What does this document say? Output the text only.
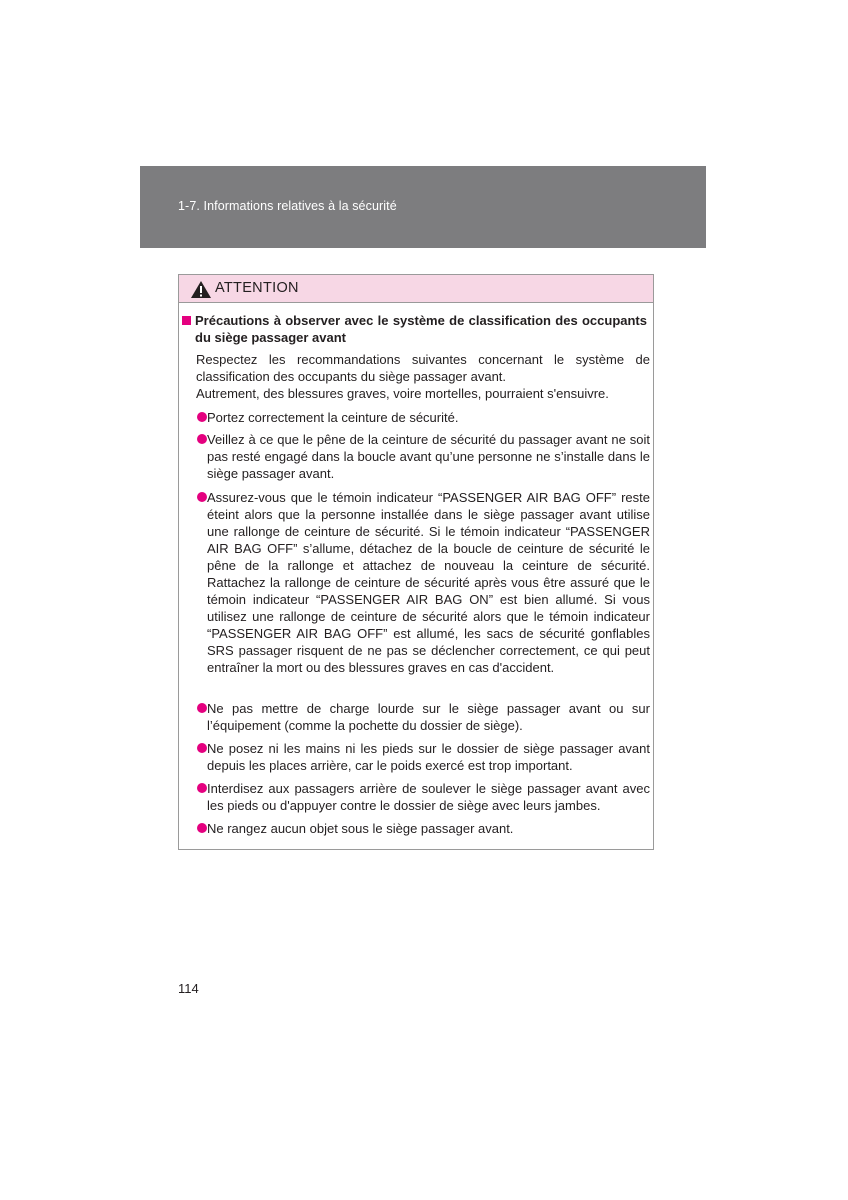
1-7. Informations relatives à la sécurité
ATTENTION
Précautions à observer avec le système de classification des occupants du siège passager avant
Respectez les recommandations suivantes concernant le système de classification des occupants du siège passager avant.
Autrement, des blessures graves, voire mortelles, pourraient s'ensuivre.
Portez correctement la ceinture de sécurité.
Veillez à ce que le pêne de la ceinture de sécurité du passager avant ne soit pas resté engagé dans la boucle avant qu’une personne ne s’installe dans le siège passager avant.
Assurez-vous que le témoin indicateur “PASSENGER AIR BAG OFF” reste éteint alors que la personne installée dans le siège passager avant utilise une rallonge de ceinture de sécurité. Si le témoin indicateur “PASSENGER AIR BAG OFF” s’allume, détachez de la boucle de ceinture de sécurité le pêne de la rallonge et attachez de nouveau la ceinture de sécurité. Rattachez la rallonge de ceinture de sécurité après vous être assuré que le témoin indicateur “PASSENGER AIR BAG ON” est bien allumé. Si vous utilisez une rallonge de ceinture de sécurité alors que le témoin indicateur “PASSENGER AIR BAG OFF” est allumé, les sacs de sécurité gonflables SRS passager risquent de ne pas se déclencher correctement, ce qui peut entraîner la mort ou des blessures graves en cas d'accident.
Ne pas mettre de charge lourde sur le siège passager avant ou sur l’équipement (comme la pochette du dossier de siège).
Ne posez ni les mains ni les pieds sur le dossier de siège passager avant depuis les places arrière, car le poids exercé est trop important.
Interdisez aux passagers arrière de soulever le siège passager avant avec les pieds ou d'appuyer contre le dossier de siège avec leurs jambes.
Ne rangez aucun objet sous le siège passager avant.
114
